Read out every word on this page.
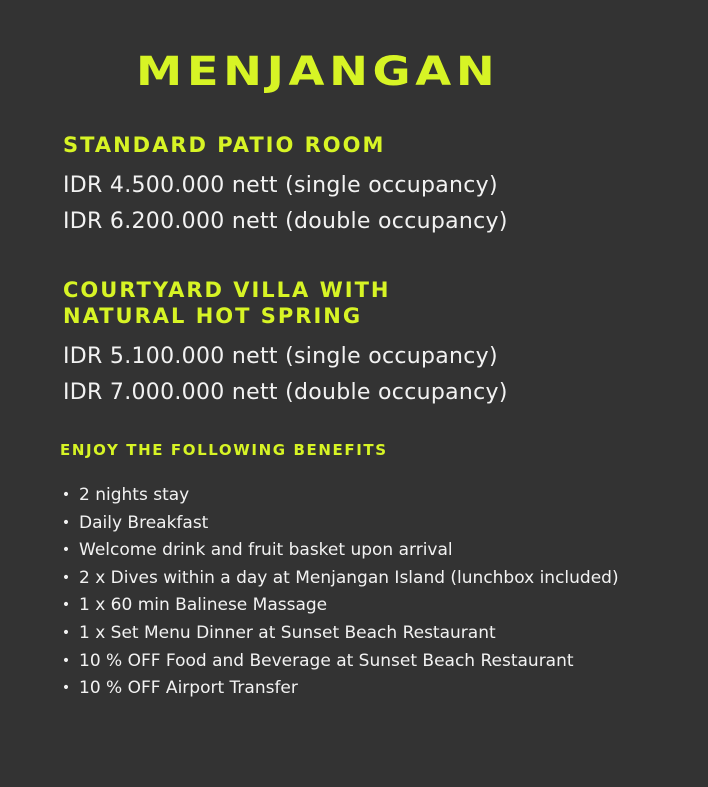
MENJANGAN
STANDARD PATIO ROOM

IDR 4.500.000 nett (single occupancy)

IDR 6.200.000 nett (double occupancy)

COURTYARD VILLA WITH
NATURAL HOT SPRING

IDR 5.100.000 nett (single occupancy)

IDR 7.000.000 nett (double occupancy)

ENJOY THE FOLLOWING BENEFITS
• 2 nights stay
• Daily Breakfast
• Welcome drink and fruit basket upon arrival
• 2 x Dives within a day at Menjangan Island (lunchbox included)
• 1 x 60 min Balinese Massage
• 1 x Set Menu Dinner at Sunset Beach Restaurant
• 10 % OFF Food and Beverage at Sunset Beach Restaurant
• 10 % OFF Airport Transfer
